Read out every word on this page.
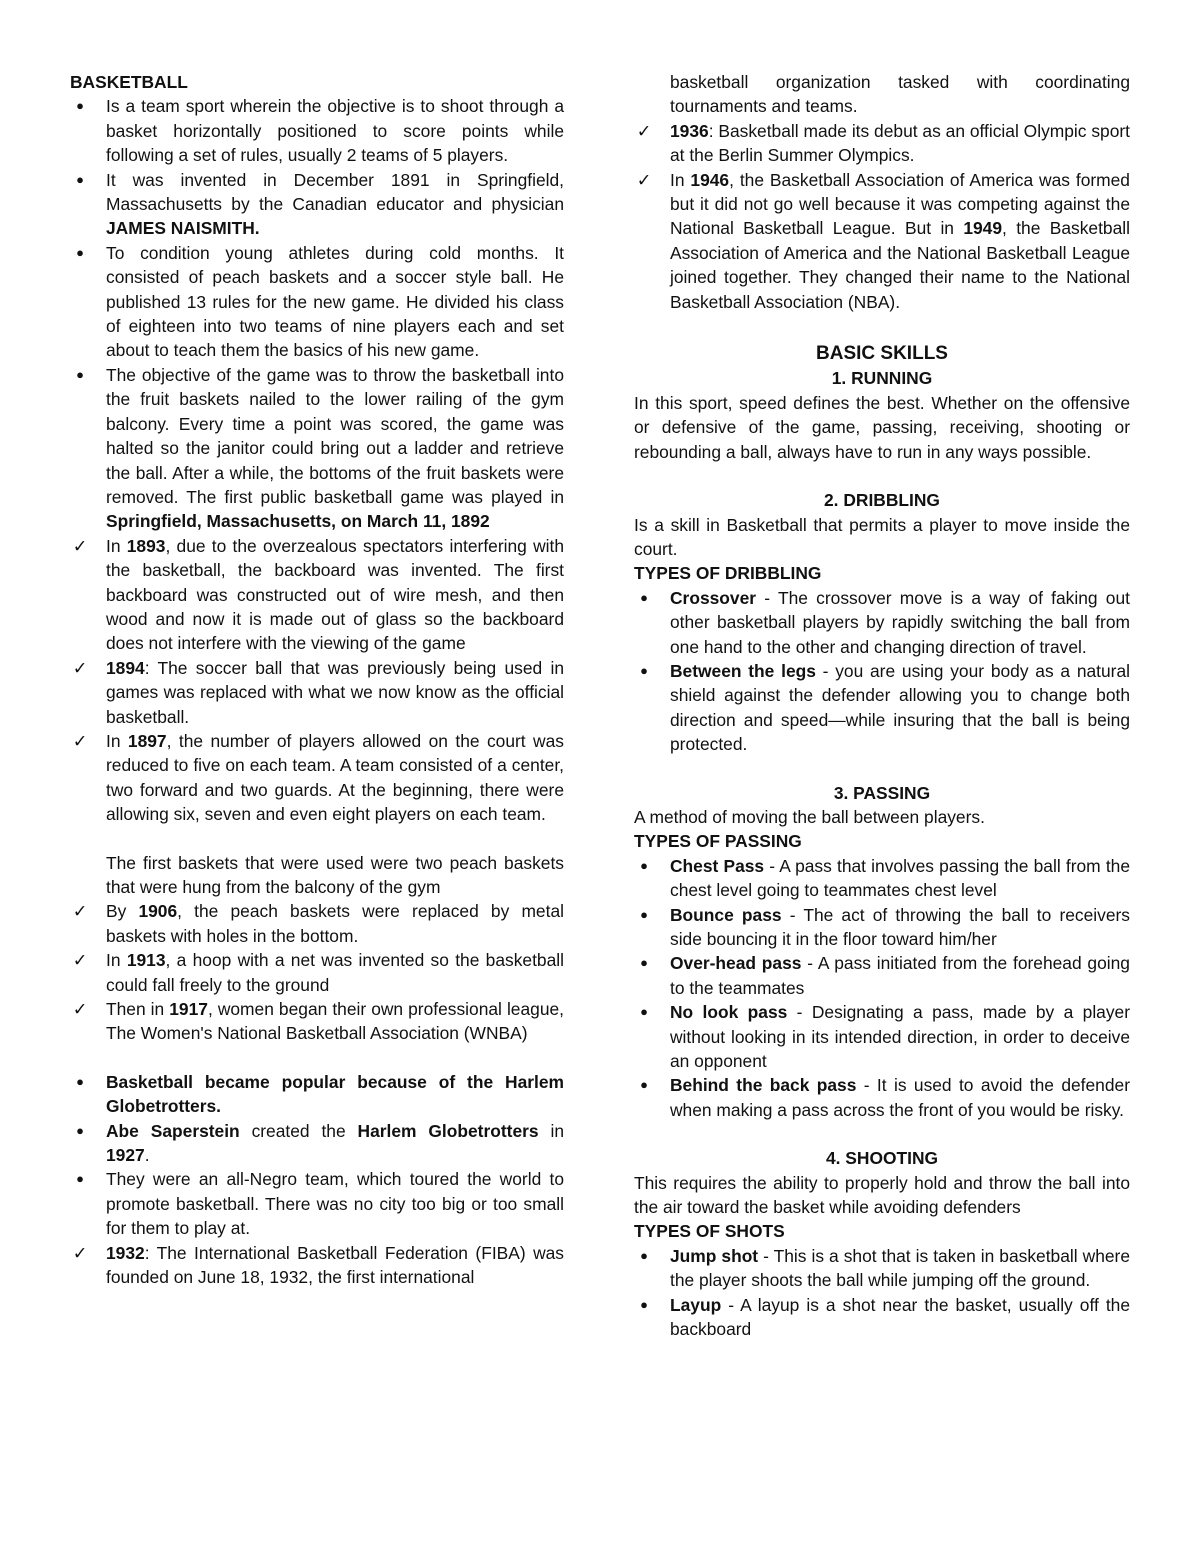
BASKETBALL

●	Is a team sport wherein the objective is to shoot through a basket horizontally positioned to score points while following a set of rules, usually 2 teams of 5 players.
●	It was invented in December 1891 in Springfield, Massachusetts by the Canadian educator and physician JAMES NAISMITH.
●	To condition young athletes during cold months. It consisted of peach baskets and a soccer style ball. He published 13 rules for the new game. He divided his class of eighteen into two teams of nine players each and set about to teach them the basics of his new game.
●	The objective of the game was to throw the basketball into the fruit baskets nailed to the lower railing of the gym balcony. Every time a point was scored, the game was halted so the janitor could bring out a ladder and retrieve the ball. After a while, the bottoms of the fruit baskets were removed. The first public basketball game was played in Springfield, Massachusetts, on March 11, 1892
✓ In 1893, due to the overzealous spectators interfering with the basketball, the backboard was invented. The first backboard was constructed out of wire mesh, and then wood and now it is made out of glass so the backboard does not interfere with the viewing of the game
✓ 1894: The soccer ball that was previously being used in games was replaced with what we now know as the official basketball.
✓ In 1897, the number of players allowed on the court was reduced to five on each team. A team consisted of a center, two forward and two guards. At the beginning, there were allowing six, seven and even eight players on each team.

The first baskets that were used were two peach baskets that were hung from the balcony of the gym

✓ By 1906, the peach baskets were replaced by metal baskets with holes in the bottom.
✓ In 1913, a hoop with a net was invented so the basketball could fall freely to the ground
✓ Then in 1917, women began their own professional league, The Women's National Basketball Association (WNBA)
●	Basketball became popular because of the Harlem Globetrotters.
●	Abe Saperstein created the Harlem Globetrotters in 1927.
●	They were an all-Negro team, which toured the world to promote basketball. There was no city too big or too small for them to play at.
✓ 1932: The International Basketball Federation (FIBA) was founded on June 18, 1932, the first international

basketball organization tasked with coordinating tournaments and teams.

✓ 1936: Basketball made its debut as an official Olympic sport at the Berlin Summer Olympics.
✓ In 1946, the Basketball Association of America was formed but it did not go well because it was competing against the National Basketball League. But in 1949, the Basketball Association of America and the National Basketball League joined together. They changed their name to the National Basketball Association (NBA).

BASIC SKILLS

1. RUNNING

In this sport, speed defines the best. Whether on the offensive or defensive of the game, passing, receiving, shooting or rebounding a ball, always have to run in any ways possible.

2. DRIBBLING

Is a skill in Basketball that permits a player to move inside the court.

TYPES OF DRIBBLING

●	Crossover - The crossover move is a way of faking out other basketball players by rapidly switching the ball from one hand to the other and changing direction of travel.
●	Between the legs - you are using your body as a natural shield against the defender allowing you to change both direction and speed—while insuring that the ball is being protected.

3. PASSING

A method of moving the ball between players.

TYPES OF PASSING

●	Chest Pass - A pass that involves passing the ball from the chest level going to teammates chest level
●	Bounce pass - The act of throwing the ball to receivers side bouncing it in the floor toward him/her
●	Over-head pass - A pass initiated from the forehead going to the teammates
●	No look pass - Designating a pass, made by a player without looking in its intended direction, in order to deceive an opponent
●	Behind the back pass - It is used to avoid the defender when making a pass across the front of you would be risky.

4. SHOOTING

This requires the ability to properly hold and throw the ball into the air toward the basket while avoiding defenders

TYPES OF SHOTS

●	Jump shot - This is a shot that is taken in basketball where the player shoots the ball while jumping off the ground.
●	Layup - A layup is a shot near the basket, usually off the backboard
